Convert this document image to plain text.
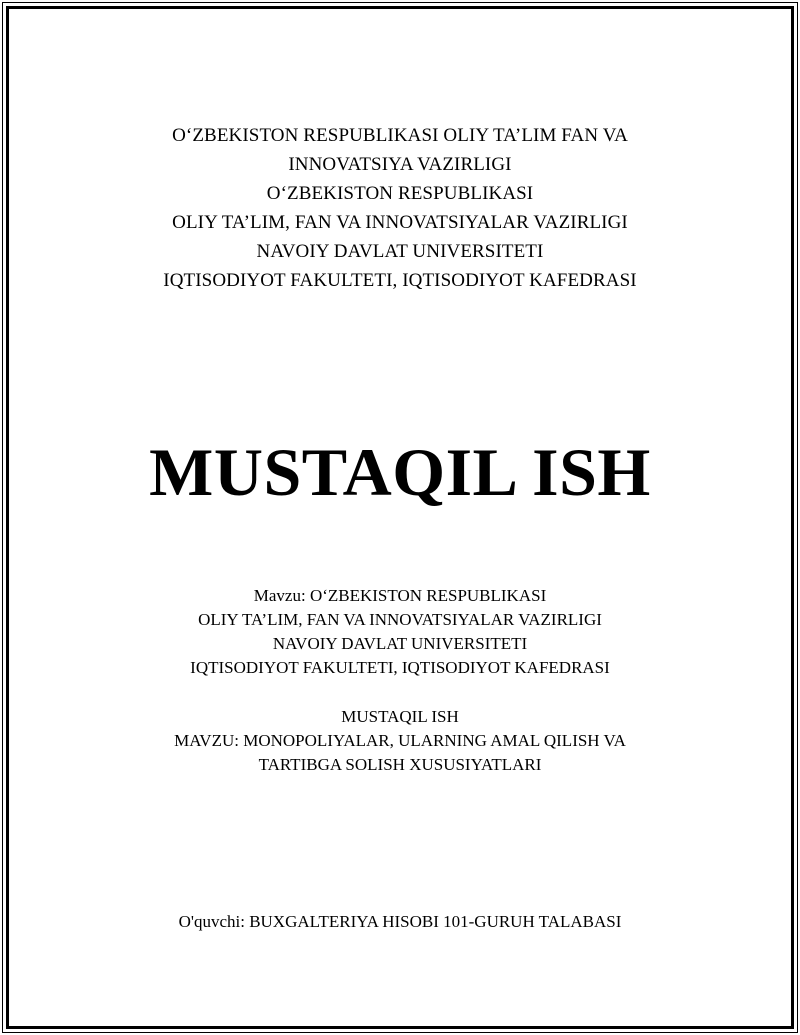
O‘ZBEKISTON RESPUBLIKASI OLIY TA’LIM FAN VA
INNOVATSIYA VAZIRLIGI
O‘ZBEKISTON RESPUBLIKASI
OLIY TA’LIM, FAN VA INNOVATSIYALAR VAZIRLIGI
NAVOIY DAVLAT UNIVERSITETI
IQTISODIYOT FAKULTETI, IQTISODIYOT KAFEDRASI
MUSTAQIL ISH
Mavzu: O‘ZBEKISTON RESPUBLIKASI
OLIY TA’LIM, FAN VA INNOVATSIYALAR VAZIRLIGI
NAVOIY DAVLAT UNIVERSITETI
IQTISODIYOT FAKULTETI, IQTISODIYOT KAFEDRASI
MUSTAQIL ISH
MAVZU: MONOPOLIYALAR, ULARNING AMAL QILISH VA
TARTIBGA SOLISH XUSUSIYATLARI
O'quvchi: BUXGALTERIYA HISOBI 101-GURUH TALABASI
